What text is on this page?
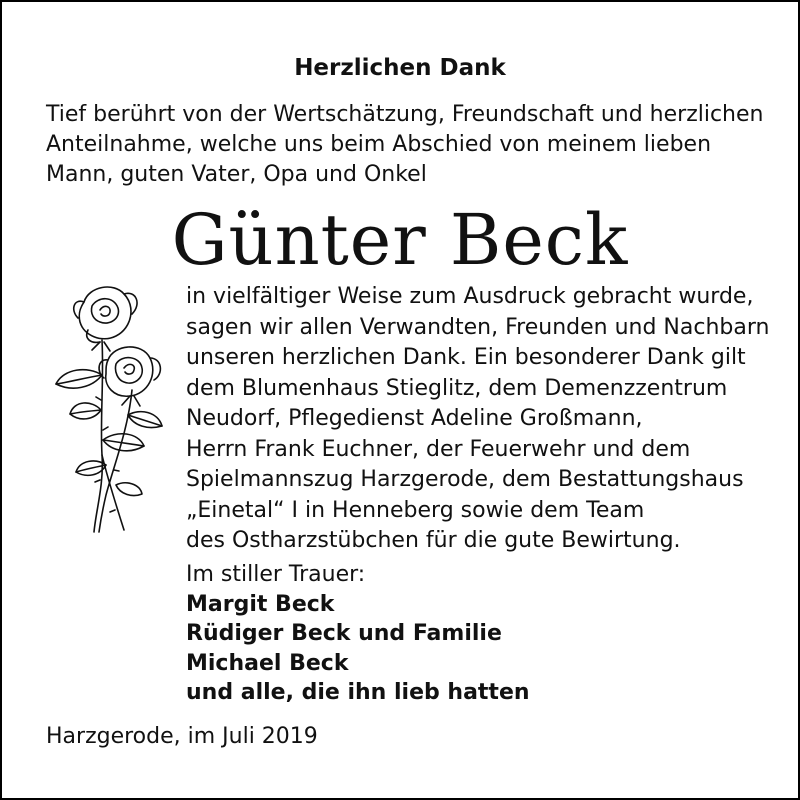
Herzlichen Dank
Tief berührt von der Wertschätzung, Freundschaft und herzlichen
Anteilnahme, welche uns beim Abschied von meinem lieben
Mann, guten Vater, Opa und Onkel
Günter Beck
in vielfältiger Weise zum Ausdruck gebracht wurde,
sagen wir allen Verwandten, Freunden und Nachbarn
unseren herzlichen Dank. Ein besonderer Dank gilt
dem Blumenhaus Stieglitz, dem Demenzzentrum
Neudorf, Pflegedienst Adeline Großmann,
Herrn Frank Euchner, der Feuerwehr und dem
Spielmannszug Harzgerode, dem Bestattungshaus
„Einetal“ I in Henneberg sowie dem Team
des Ostharzstübchen für die gute Bewirtung.
Im stiller Trauer:
Margit Beck
Rüdiger Beck und Familie
Michael Beck
und alle, die ihn lieb hatten
Harzgerode, im Juli 2019
